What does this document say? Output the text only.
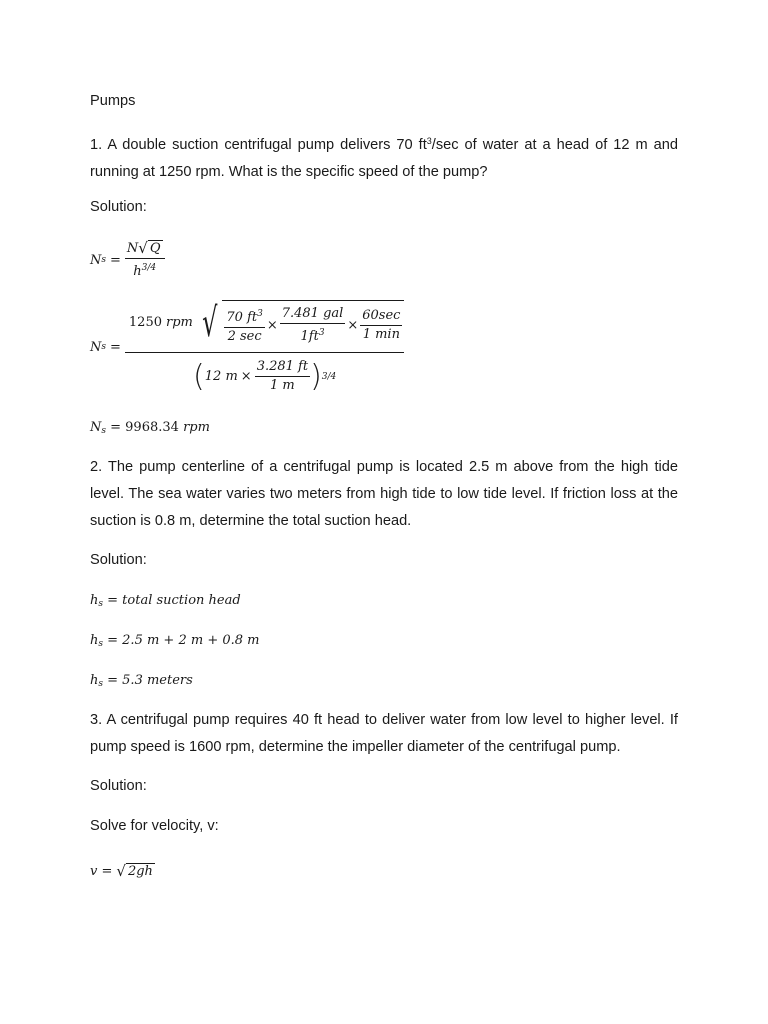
Pumps
1. A double suction centrifugal pump delivers 70 $ft^3/\sec$ of water at a head of 12 m and running at 1250 rpm. What is the specific speed of the pump?
Solution:
N $s = \frac{N √ Q}{h^{3/4}}$
N s =
1250 rpm √ $\frac{70 ft^3}{2 \sec} \times \frac{\text{7.481 gal}}{1ft^3} \times \frac{60\sec}{1 \min}$
( 12 $m \times \frac{3.281 ft}{1 m}$ ) 3/4
$N_s = 9968.34$ rpm
2. The pump centerline of a centrifugal pump is located 2.5 m above from the high tide level. The sea water varies two meters from high tide to low tide level. If friction loss at the suction is 0.8 m, determine the total suction head.
Solution:
$h_s$ = total suction head
$h_s = 2.5$ m + 2 m + 0.8 m
$h_s = 5.3$ meters
3. A centrifugal pump requires 40 ft head to deliver water from low level to higher level. If pump speed is 1600 rpm, determine the impeller diameter of the centrifugal pump.
Solution:
Solve for velocity, v:
v = √ 2gh
